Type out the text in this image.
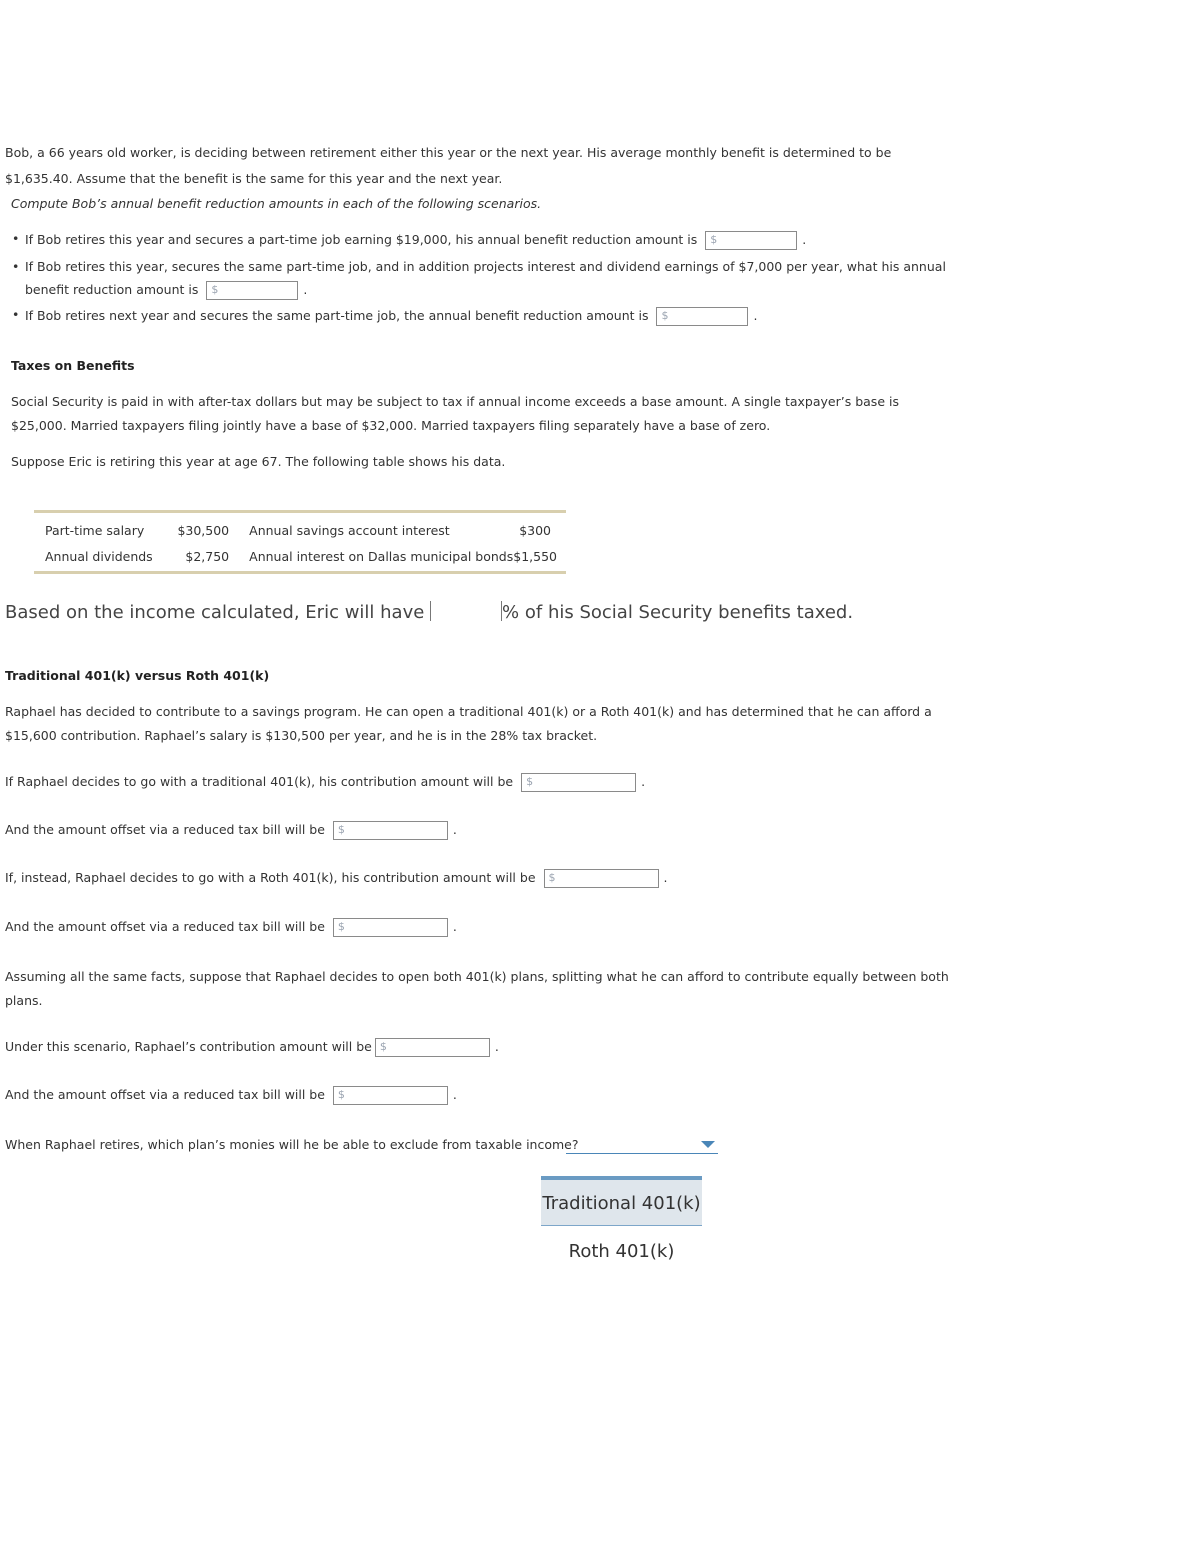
Bob, a 66 years old worker, is deciding between retirement either this year or the next year. His average monthly benefit is determined to be
$1,635.40. Assume that the benefit is the same for this year and the next year.
Compute Bob’s annual benefit reduction amounts in each of the following scenarios.
• If Bob retires this year and secures a part-time job earning $19,000, his annual benefit reduction amount is $	.
• If Bob retires this year, secures the same part-time job, and in addition projects interest and dividend earnings of $7,000 per year, what his annual
benefit reduction amount is $	.
• If Bob retires next year and secures the same part-time job, the annual benefit reduction amount is $	.
Taxes on Benefits
Social Security is paid in with after-tax dollars but may be subject to tax if annual income exceeds a base amount. A single taxpayer’s base is
$25,000. Married taxpayers filing jointly have a base of $32,000. Married taxpayers filing separately have a base of zero.
Suppose Eric is retiring this year at age 67. The following table shows his data.
Part-time salary	$30,500	Annual savings account interest	$300
Annual dividends	$2,750	Annual interest on Dallas municipal bonds	$1,550
Based on the income calculated, Eric will have	% of his Social Security benefits taxed.
Traditional 401(k) versus Roth 401(k)
Raphael has decided to contribute to a savings program. He can open a traditional 401(k) or a Roth 401(k) and has determined that he can afford a
$15,600 contribution. Raphael’s salary is $130,500 per year, and he is in the 28% tax bracket.
If Raphael decides to go with a traditional 401(k), his contribution amount will be $	.
And the amount offset via a reduced tax bill will be $	.
If, instead, Raphael decides to go with a Roth 401(k), his contribution amount will be $	.
And the amount offset via a reduced tax bill will be $	.
Assuming all the same facts, suppose that Raphael decides to open both 401(k) plans, splitting what he can afford to contribute equally between both
plans.
Under this scenario, Raphael’s contribution amount will be $	.
And the amount offset via a reduced tax bill will be $	.
When Raphael retires, which plan’s monies will he be able to exclude from taxable income?
Traditional 401(k)
Roth 401(k)
